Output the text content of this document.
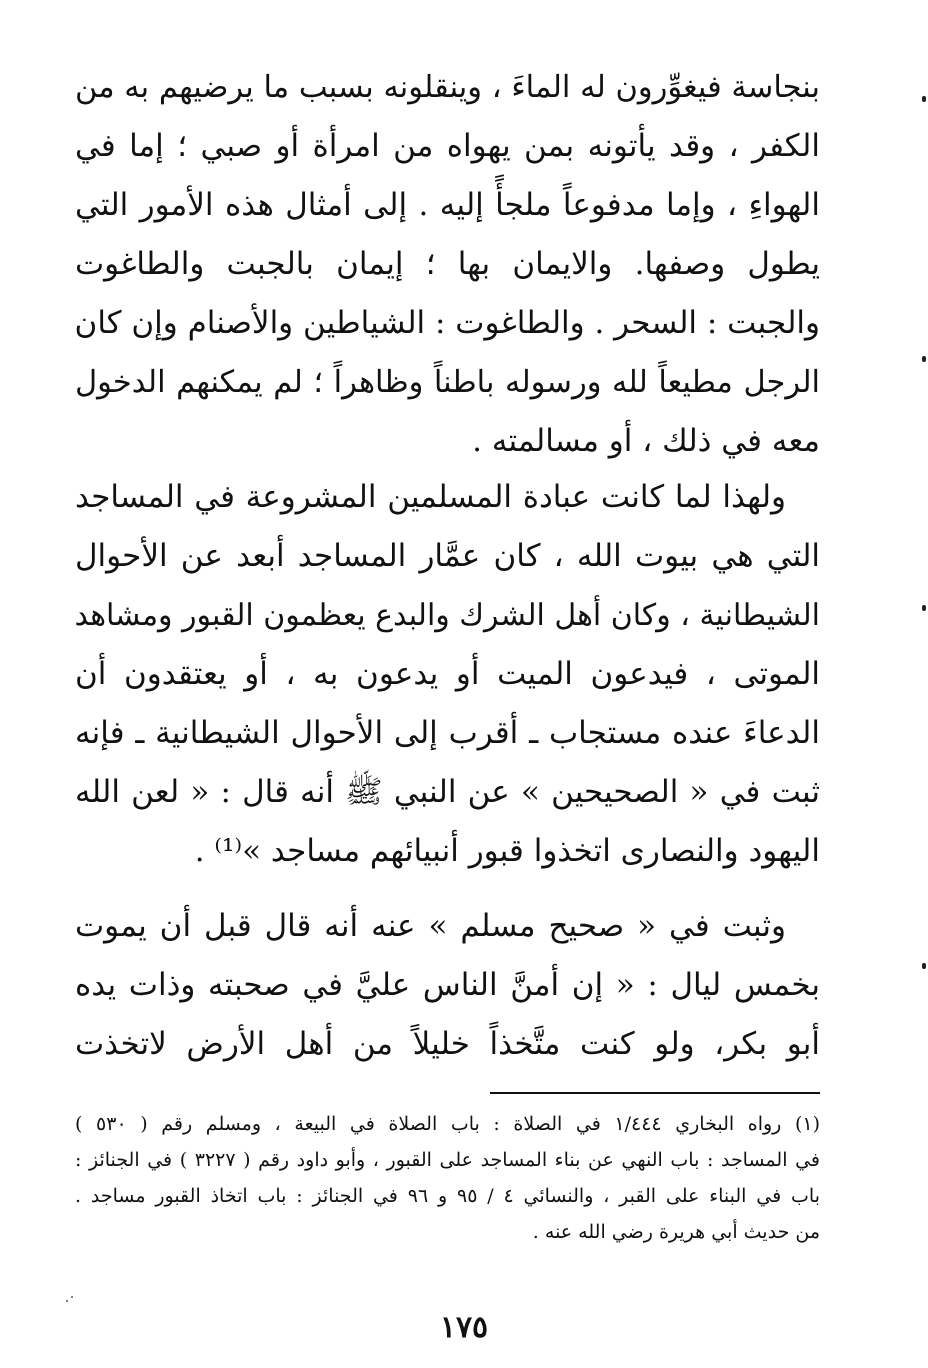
بنجاسة فيغوِّرون له الماءَ ، وينقلونه بسبب ما يرضيهم به من
الكفر ، وقد يأتونه بمن يهواه من امرأة أو صبي ؛ إما في
الهواءِ ، وإما مدفوعاً ملجأً إليه . إلى أمثال هذه الأمور التي
يطول وصفها. والايمان بها ؛ إيمان بالجبت والطاغوت
والجبت : السحر . والطاغوت : الشياطين والأصنام وإن كان
الرجل مطيعاً لله ورسوله باطناً وظاهراً ؛ لم يمكنهم الدخول
معه في ذلك ، أو مسالمته .
ولهذا لما كانت عبادة المسلمين المشروعة في المساجد
التي هي بيوت الله ، كان عمَّار المساجد أبعد عن الأحوال
الشيطانية ، وكان أهل الشرك والبدع يعظمون القبور ومشاهد
الموتى ، فيدعون الميت أو يدعون به ، أو يعتقدون أن
الدعاءَ عنده مستجاب ـ أقرب إلى الأحوال الشيطانية ـ فإنه
ثبت في « الصحيحين » عن النبي ﷺ أنه قال : « لعن الله
اليهود والنصارى اتخذوا قبور أنبيائهم مساجد »⁽¹⁾ .
وثبت في « صحيح مسلم » عنه أنه قال قبل أن يموت
بخمس ليال : « إن أمنَّ الناس عليَّ في صحبته وذات يده
أبو بكر، ولو كنت متَّخذاً خليلاً من أهل الأرض لاتخذت
(١) رواه البخاري ١/٤٤٤ في الصلاة : باب الصلاة في البيعة ، ومسلم رقم ( ٥٣٠ )
في المساجد : باب النهي عن بناء المساجد على القبور ، وأبو داود رقم ( ٣٢٢٧ ) في الجنائز :
باب في البناء على القبر ، والنسائي ٤ / ٩٥ و ٩٦ في الجنائز : باب اتخاذ القبور مساجد .
من حديث أبي هريرة رضي الله عنه .
١٧٥
